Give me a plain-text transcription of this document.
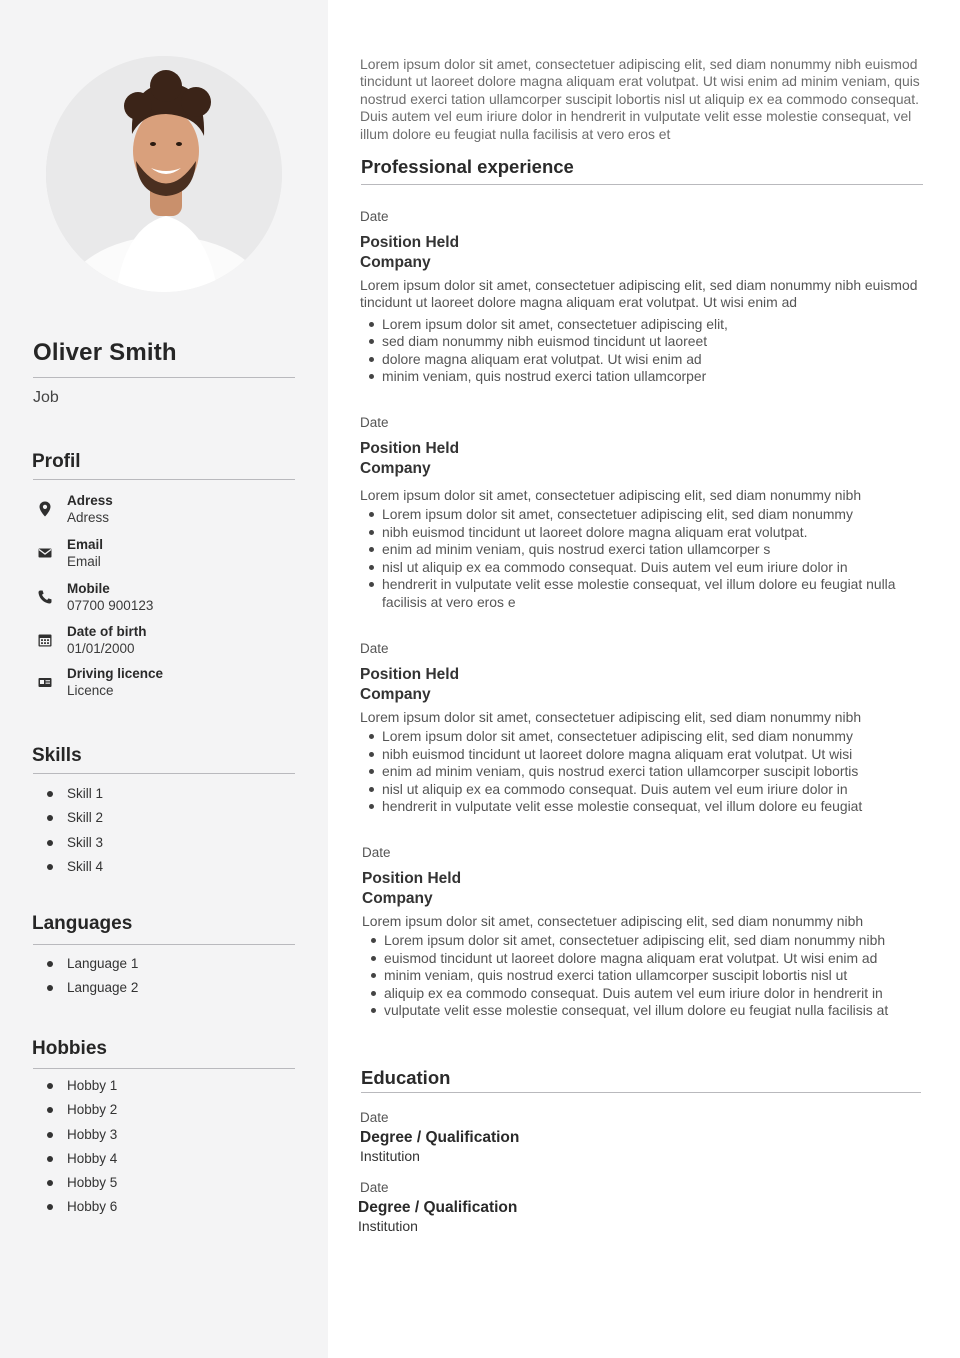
Oliver Smith
Job
Profil
Adress
Adress
Email
Email
Mobile
07700 900123
Date of birth
01/01/2000
Driving licence
Licence
Skills
Skill 1
Skill 2
Skill 3
Skill 4
Languages
Language 1
Language 2
Hobbies
Hobby 1
Hobby 2
Hobby 3
Hobby 4
Hobby 5
Hobby 6
Lorem ipsum dolor sit amet, consectetuer adipiscing elit, sed diam nonummy nibh euismod tincidunt ut laoreet dolore magna aliquam erat volutpat. Ut wisi enim ad minim veniam, quis nostrud exerci tation ullamcorper suscipit lobortis nisl ut aliquip ex ea commodo consequat. Duis autem vel eum iriure dolor in hendrerit in vulputate velit esse molestie consequat, vel illum dolore eu feugiat nulla facilisis at vero eros et
Professional experience
Date
Position Held
Company
Lorem ipsum dolor sit amet, consectetuer adipiscing elit, sed diam nonummy nibh euismod tincidunt ut laoreet dolore magna aliquam erat volutpat. Ut wisi enim ad
Lorem ipsum dolor sit amet, consectetuer adipiscing elit,
sed diam nonummy nibh euismod tincidunt ut laoreet
dolore magna aliquam erat volutpat. Ut wisi enim ad
minim veniam, quis nostrud exerci tation ullamcorper
Date
Position Held
Company
Lorem ipsum dolor sit amet, consectetuer adipiscing elit, sed diam nonummy nibh
Lorem ipsum dolor sit amet, consectetuer adipiscing elit, sed diam nonummy
nibh euismod tincidunt ut laoreet dolore magna aliquam erat volutpat.
enim ad minim veniam, quis nostrud exerci tation ullamcorper s
nisl ut aliquip ex ea commodo consequat. Duis autem vel eum iriure dolor in
hendrerit in vulputate velit esse molestie consequat, vel illum dolore eu feugiat nulla facilisis at vero eros e
Date
Position Held
Company
Lorem ipsum dolor sit amet, consectetuer adipiscing elit, sed diam nonummy nibh
Lorem ipsum dolor sit amet, consectetuer adipiscing elit, sed diam nonummy
nibh euismod tincidunt ut laoreet dolore magna aliquam erat volutpat. Ut wisi
enim ad minim veniam, quis nostrud exerci tation ullamcorper suscipit lobortis
nisl ut aliquip ex ea commodo consequat. Duis autem vel eum iriure dolor in
hendrerit in vulputate velit esse molestie consequat, vel illum dolore eu feugiat
Date
Position Held
Company
Lorem ipsum dolor sit amet, consectetuer adipiscing elit, sed diam nonummy nibh
Lorem ipsum dolor sit amet, consectetuer adipiscing elit, sed diam nonummy nibh
euismod tincidunt ut laoreet dolore magna aliquam erat volutpat. Ut wisi enim ad
minim veniam, quis nostrud exerci tation ullamcorper suscipit lobortis nisl ut
aliquip ex ea commodo consequat. Duis autem vel eum iriure dolor in hendrerit in
vulputate velit esse molestie consequat, vel illum dolore eu feugiat nulla facilisis at
Education
Date
Degree / Qualification
Institution
Date
Degree / Qualification
Institution
